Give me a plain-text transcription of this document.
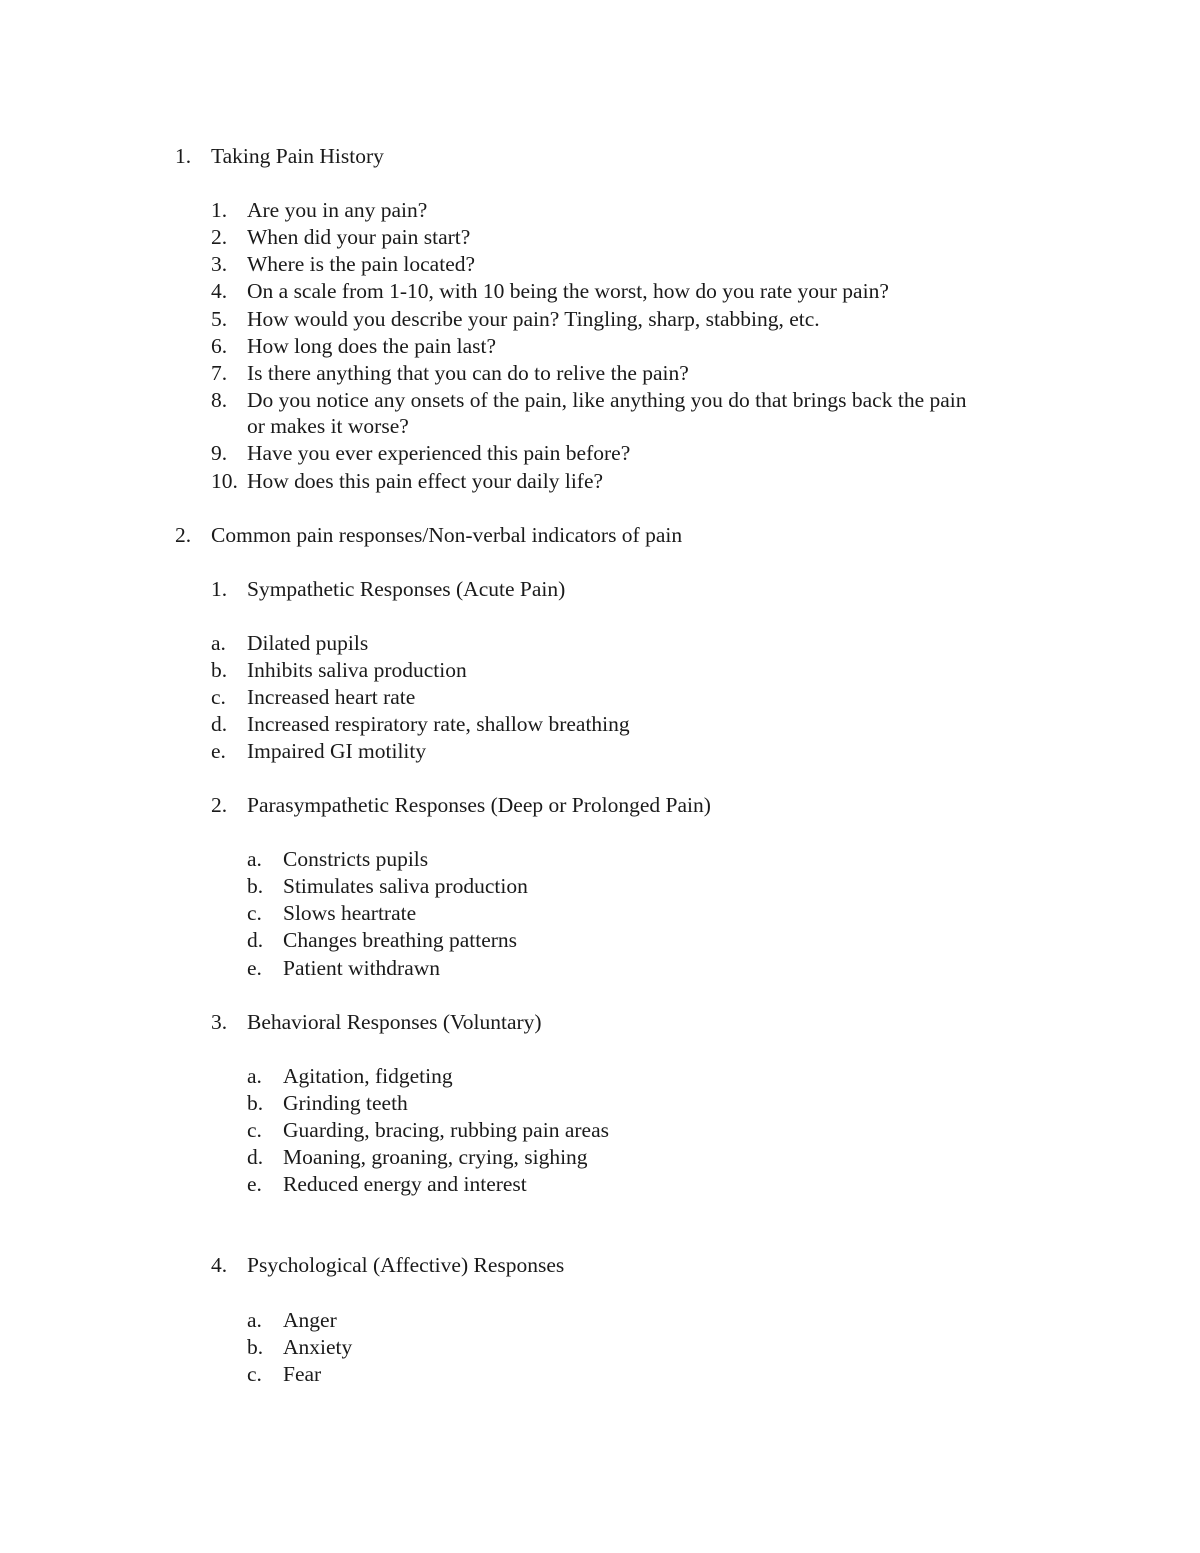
1. Taking Pain History
1. Are you in any pain?
2. When did your pain start?
3. Where is the pain located?
4. On a scale from 1-10, with 10 being the worst, how do you rate your pain?
5. How would you describe your pain? Tingling, sharp, stabbing, etc.
6. How long does the pain last?
7. Is there anything that you can do to relive the pain?
8. Do you notice any onsets of the pain, like anything you do that brings back the pain
or makes it worse?
9. Have you ever experienced this pain before?
10. How does this pain effect your daily life?
2. Common pain responses/Non-verbal indicators of pain
1. Sympathetic Responses (Acute Pain)
a. Dilated pupils
b. Inhibits saliva production
c. Increased heart rate
d. Increased respiratory rate, shallow breathing
e. Impaired GI motility
2. Parasympathetic Responses (Deep or Prolonged Pain)
a. Constricts pupils
b. Stimulates saliva production
c. Slows heartrate
d. Changes breathing patterns
e. Patient withdrawn
3. Behavioral Responses (Voluntary)
a. Agitation, fidgeting
b. Grinding teeth
c. Guarding, bracing, rubbing pain areas
d. Moaning, groaning, crying, sighing
e. Reduced energy and interest
4. Psychological (Affective) Responses
a. Anger
b. Anxiety
c. Fear
